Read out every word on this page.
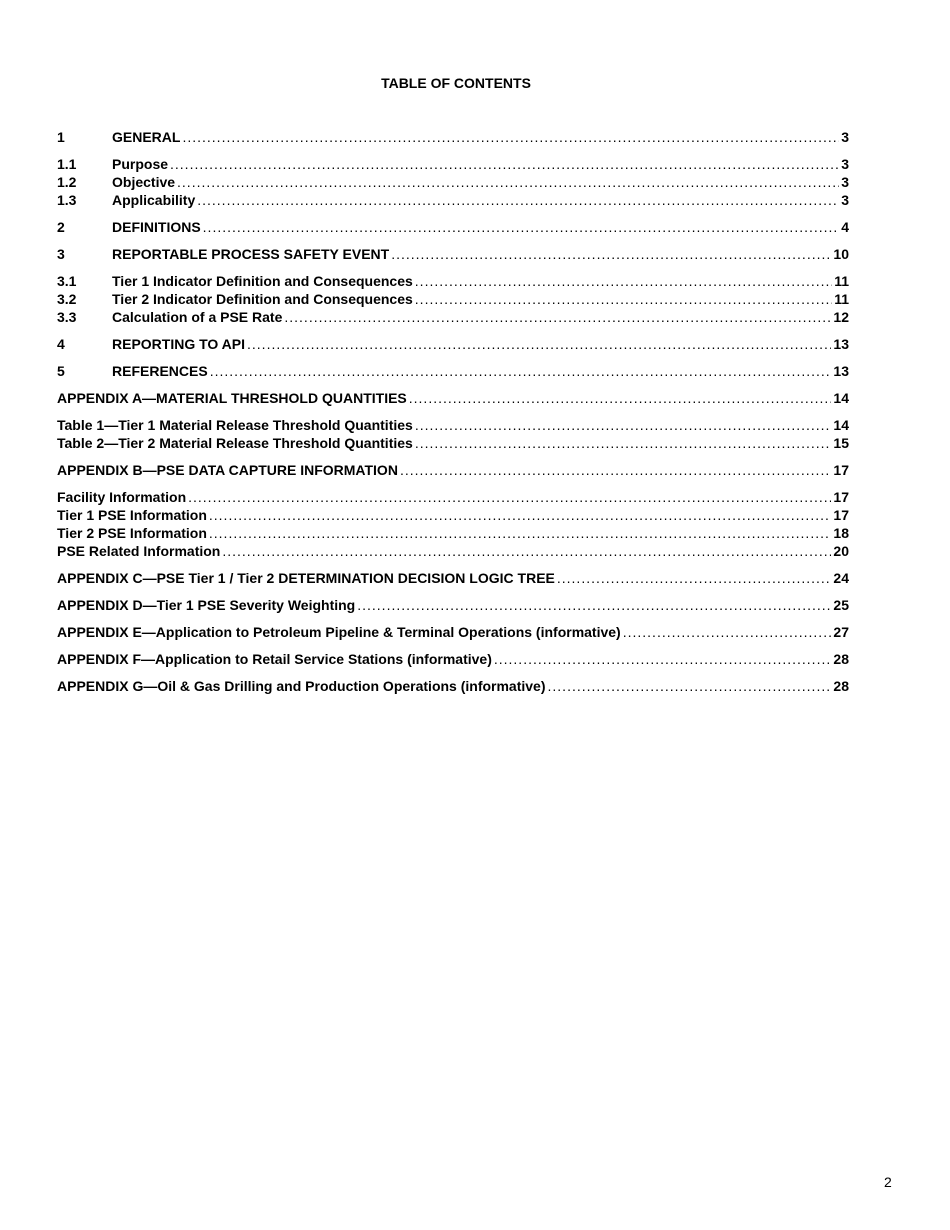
TABLE OF CONTENTS
1	GENERAL .....	3
1.1	Purpose .....	3
1.2	Objective .....	3
1.3	Applicability .....	3
2	DEFINITIONS .....	4
3	REPORTABLE PROCESS SAFETY EVENT .....	10
3.1	Tier 1 Indicator Definition and Consequences .....	11
3.2	Tier 2 Indicator Definition and Consequences .....	11
3.3	Calculation of a PSE Rate .....	12
4	REPORTING TO API .....	13
5	REFERENCES .....	13
APPENDIX A—MATERIAL THRESHOLD QUANTITIES .....	14
Table 1—Tier 1 Material Release Threshold Quantities .....	14
Table 2—Tier 2 Material Release Threshold Quantities .....	15
APPENDIX B—PSE DATA CAPTURE INFORMATION .....	17
Facility Information .....	17
Tier 1 PSE Information .....	17
Tier 2 PSE Information .....	18
PSE Related Information .....	20
APPENDIX C—PSE Tier 1 / Tier 2 DETERMINATION DECISION LOGIC TREE .....	24
APPENDIX D—Tier 1 PSE Severity Weighting .....	25
APPENDIX E—Application to Petroleum Pipeline & Terminal Operations (informative) .....	27
APPENDIX F—Application to Retail Service Stations (informative) .....	28
APPENDIX G—Oil & Gas Drilling and Production Operations (informative) .....	28
2
